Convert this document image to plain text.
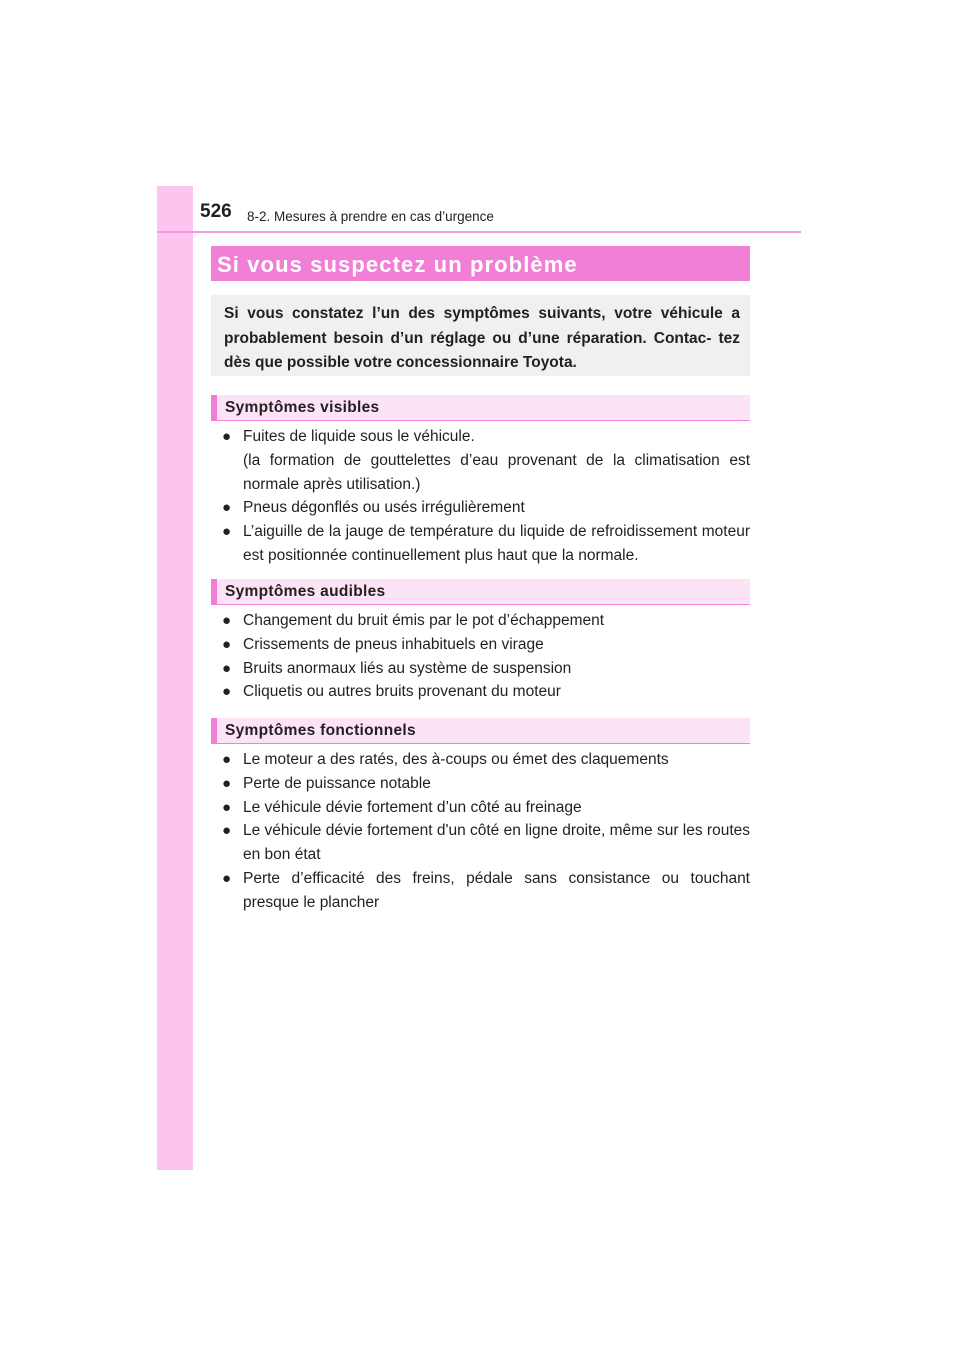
526 8-2. Mesures à prendre en cas d’urgence
Si vous suspectez un problème
Si vous constatez l’un des symptômes suivants, votre véhicule a probablement besoin d’un réglage ou d’une réparation. Contac- tez dès que possible votre concessionnaire Toyota.
Symptômes visibles
● Fuites de liquide sous le véhicule.
(la formation de gouttelettes d’eau provenant de la climatisation est normale après utilisation.)
● Pneus dégonflés ou usés irrégulièrement
● L’aiguille de la jauge de température du liquide de refroidissement moteur est positionnée continuellement plus haut que la normale.
Symptômes audibles
● Changement du bruit émis par le pot d’échappement
● Crissements de pneus inhabituels en virage
● Bruits anormaux liés au système de suspension
● Cliquetis ou autres bruits provenant du moteur
Symptômes fonctionnels
● Le moteur a des ratés, des à-coups ou émet des claquements
● Perte de puissance notable
● Le véhicule dévie fortement d’un côté au freinage
● Le véhicule dévie fortement d'un côté en ligne droite, même sur les routes en bon état
● Perte d’efficacité des freins, pédale sans consistance ou touchant presque le plancher
